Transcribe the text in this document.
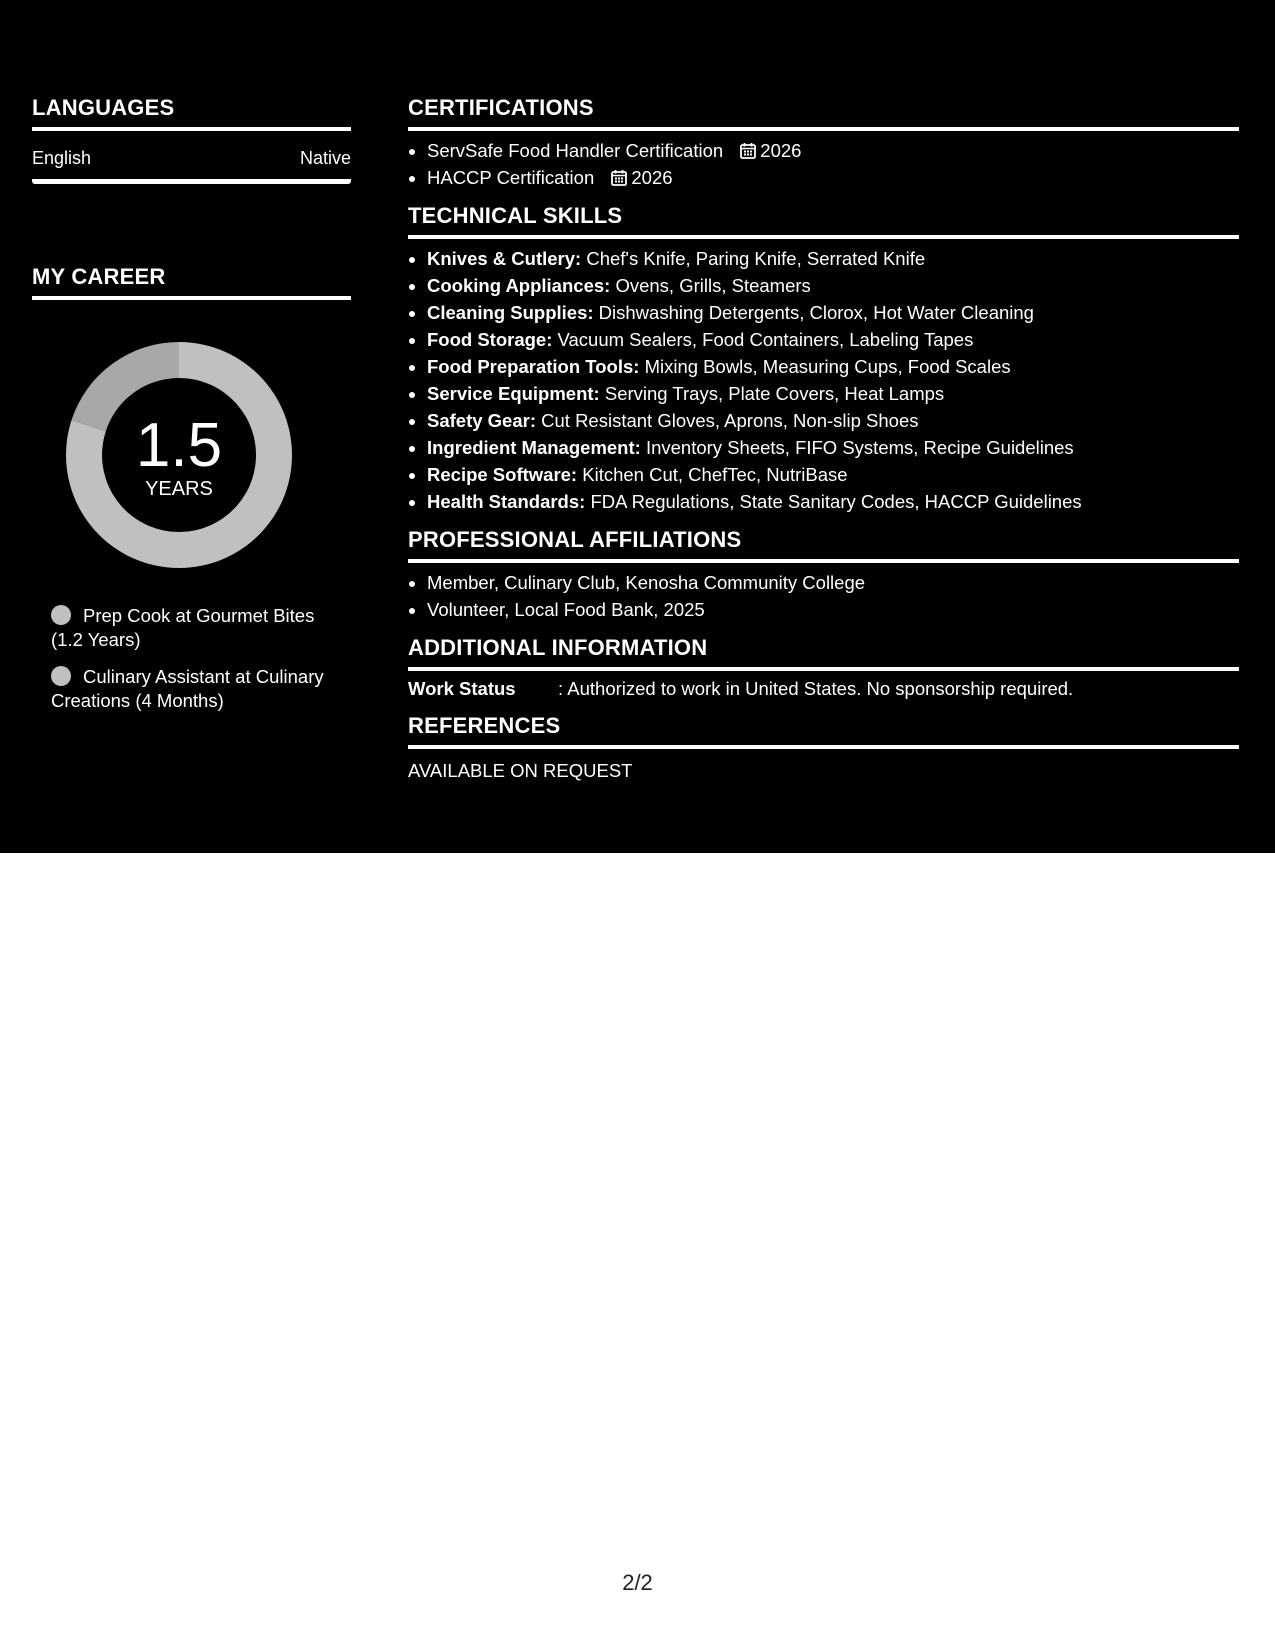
LANGUAGES
English	Native
MY CAREER
1.5
YEARS
Prep Cook at Gourmet Bites (1.2 Years)
Culinary Assistant at Culinary Creations (4 Months)
CERTIFICATIONS
• ServSafe Food Handler Certification 2026
• HACCP Certification 2026
TECHNICAL SKILLS
• Knives & Cutlery: Chef's Knife, Paring Knife, Serrated Knife
• Cooking Appliances: Ovens, Grills, Steamers
• Cleaning Supplies: Dishwashing Detergents, Clorox, Hot Water Cleaning
• Food Storage: Vacuum Sealers, Food Containers, Labeling Tapes
• Food Preparation Tools: Mixing Bowls, Measuring Cups, Food Scales
• Service Equipment: Serving Trays, Plate Covers, Heat Lamps
• Safety Gear: Cut Resistant Gloves, Aprons, Non-slip Shoes
• Ingredient Management: Inventory Sheets, FIFO Systems, Recipe Guidelines
• Recipe Software: Kitchen Cut, ChefTec, NutriBase
• Health Standards: FDA Regulations, State Sanitary Codes, HACCP Guidelines
PROFESSIONAL AFFILIATIONS
• Member, Culinary Club, Kenosha Community College
• Volunteer, Local Food Bank, 2025
ADDITIONAL INFORMATION
Work Status	: Authorized to work in United States. No sponsorship required.
REFERENCES
AVAILABLE ON REQUEST
2/2
